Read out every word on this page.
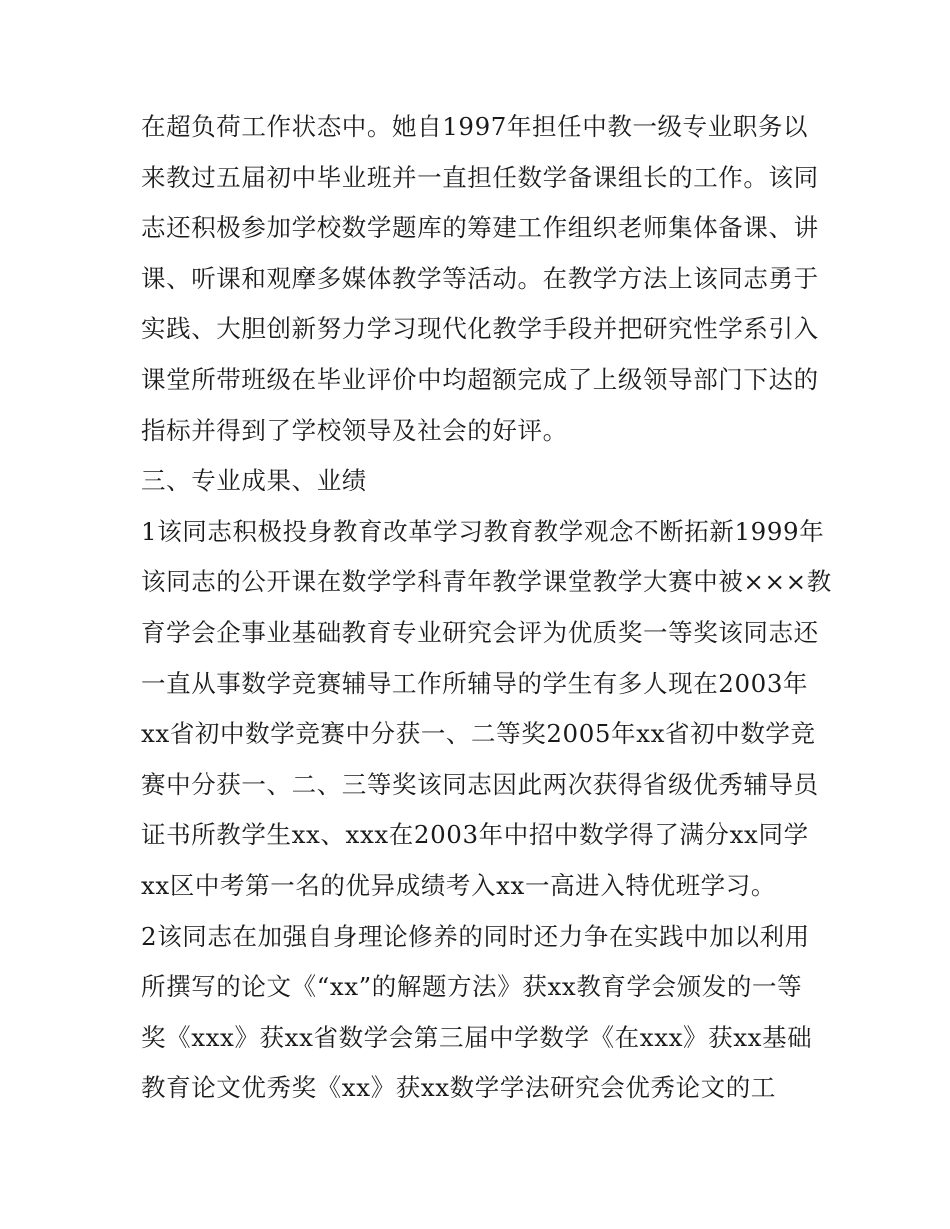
在超负荷工作状态中。她自1997年担任中教一级专业职务以
来教过五届初中毕业班并一直担任数学备课组长的工作。该同
志还积极参加学校数学题库的筹建工作组织老师集体备课、讲
课、听课和观摩多媒体教学等活动。在教学方法上该同志勇于
实践、大胆创新努力学习现代化教学手段并把研究性学系引入
课堂所带班级在毕业评价中均超额完成了上级领导部门下达的
指标并得到了学校领导及社会的好评。
三、专业成果、业绩
1该同志积极投身教育改革学习教育教学观念不断拓新1999年
该同志的公开课在数学学科青年教学课堂教学大赛中被×××教
育学会企事业基础教育专业研究会评为优质奖一等奖该同志还
一直从事数学竞赛辅导工作所辅导的学生有多人现在2003年
xx省初中数学竞赛中分获一、二等奖2005年xx省初中数学竞
赛中分获一、二、三等奖该同志因此两次获得省级优秀辅导员
证书所教学生xx、xxx在2003年中招中数学得了满分xx同学
xx区中考第一名的优异成绩考入xx一高进入特优班学习。
2该同志在加强自身理论修养的同时还力争在实践中加以利用
所撰写的论文《“xx”的解题方法》获xx教育学会颁发的一等
奖《xxx》获xx省数学会第三届中学数学《在xxx》获xx基础
教育论文优秀奖《xx》获xx数学学法研究会优秀论文的工
